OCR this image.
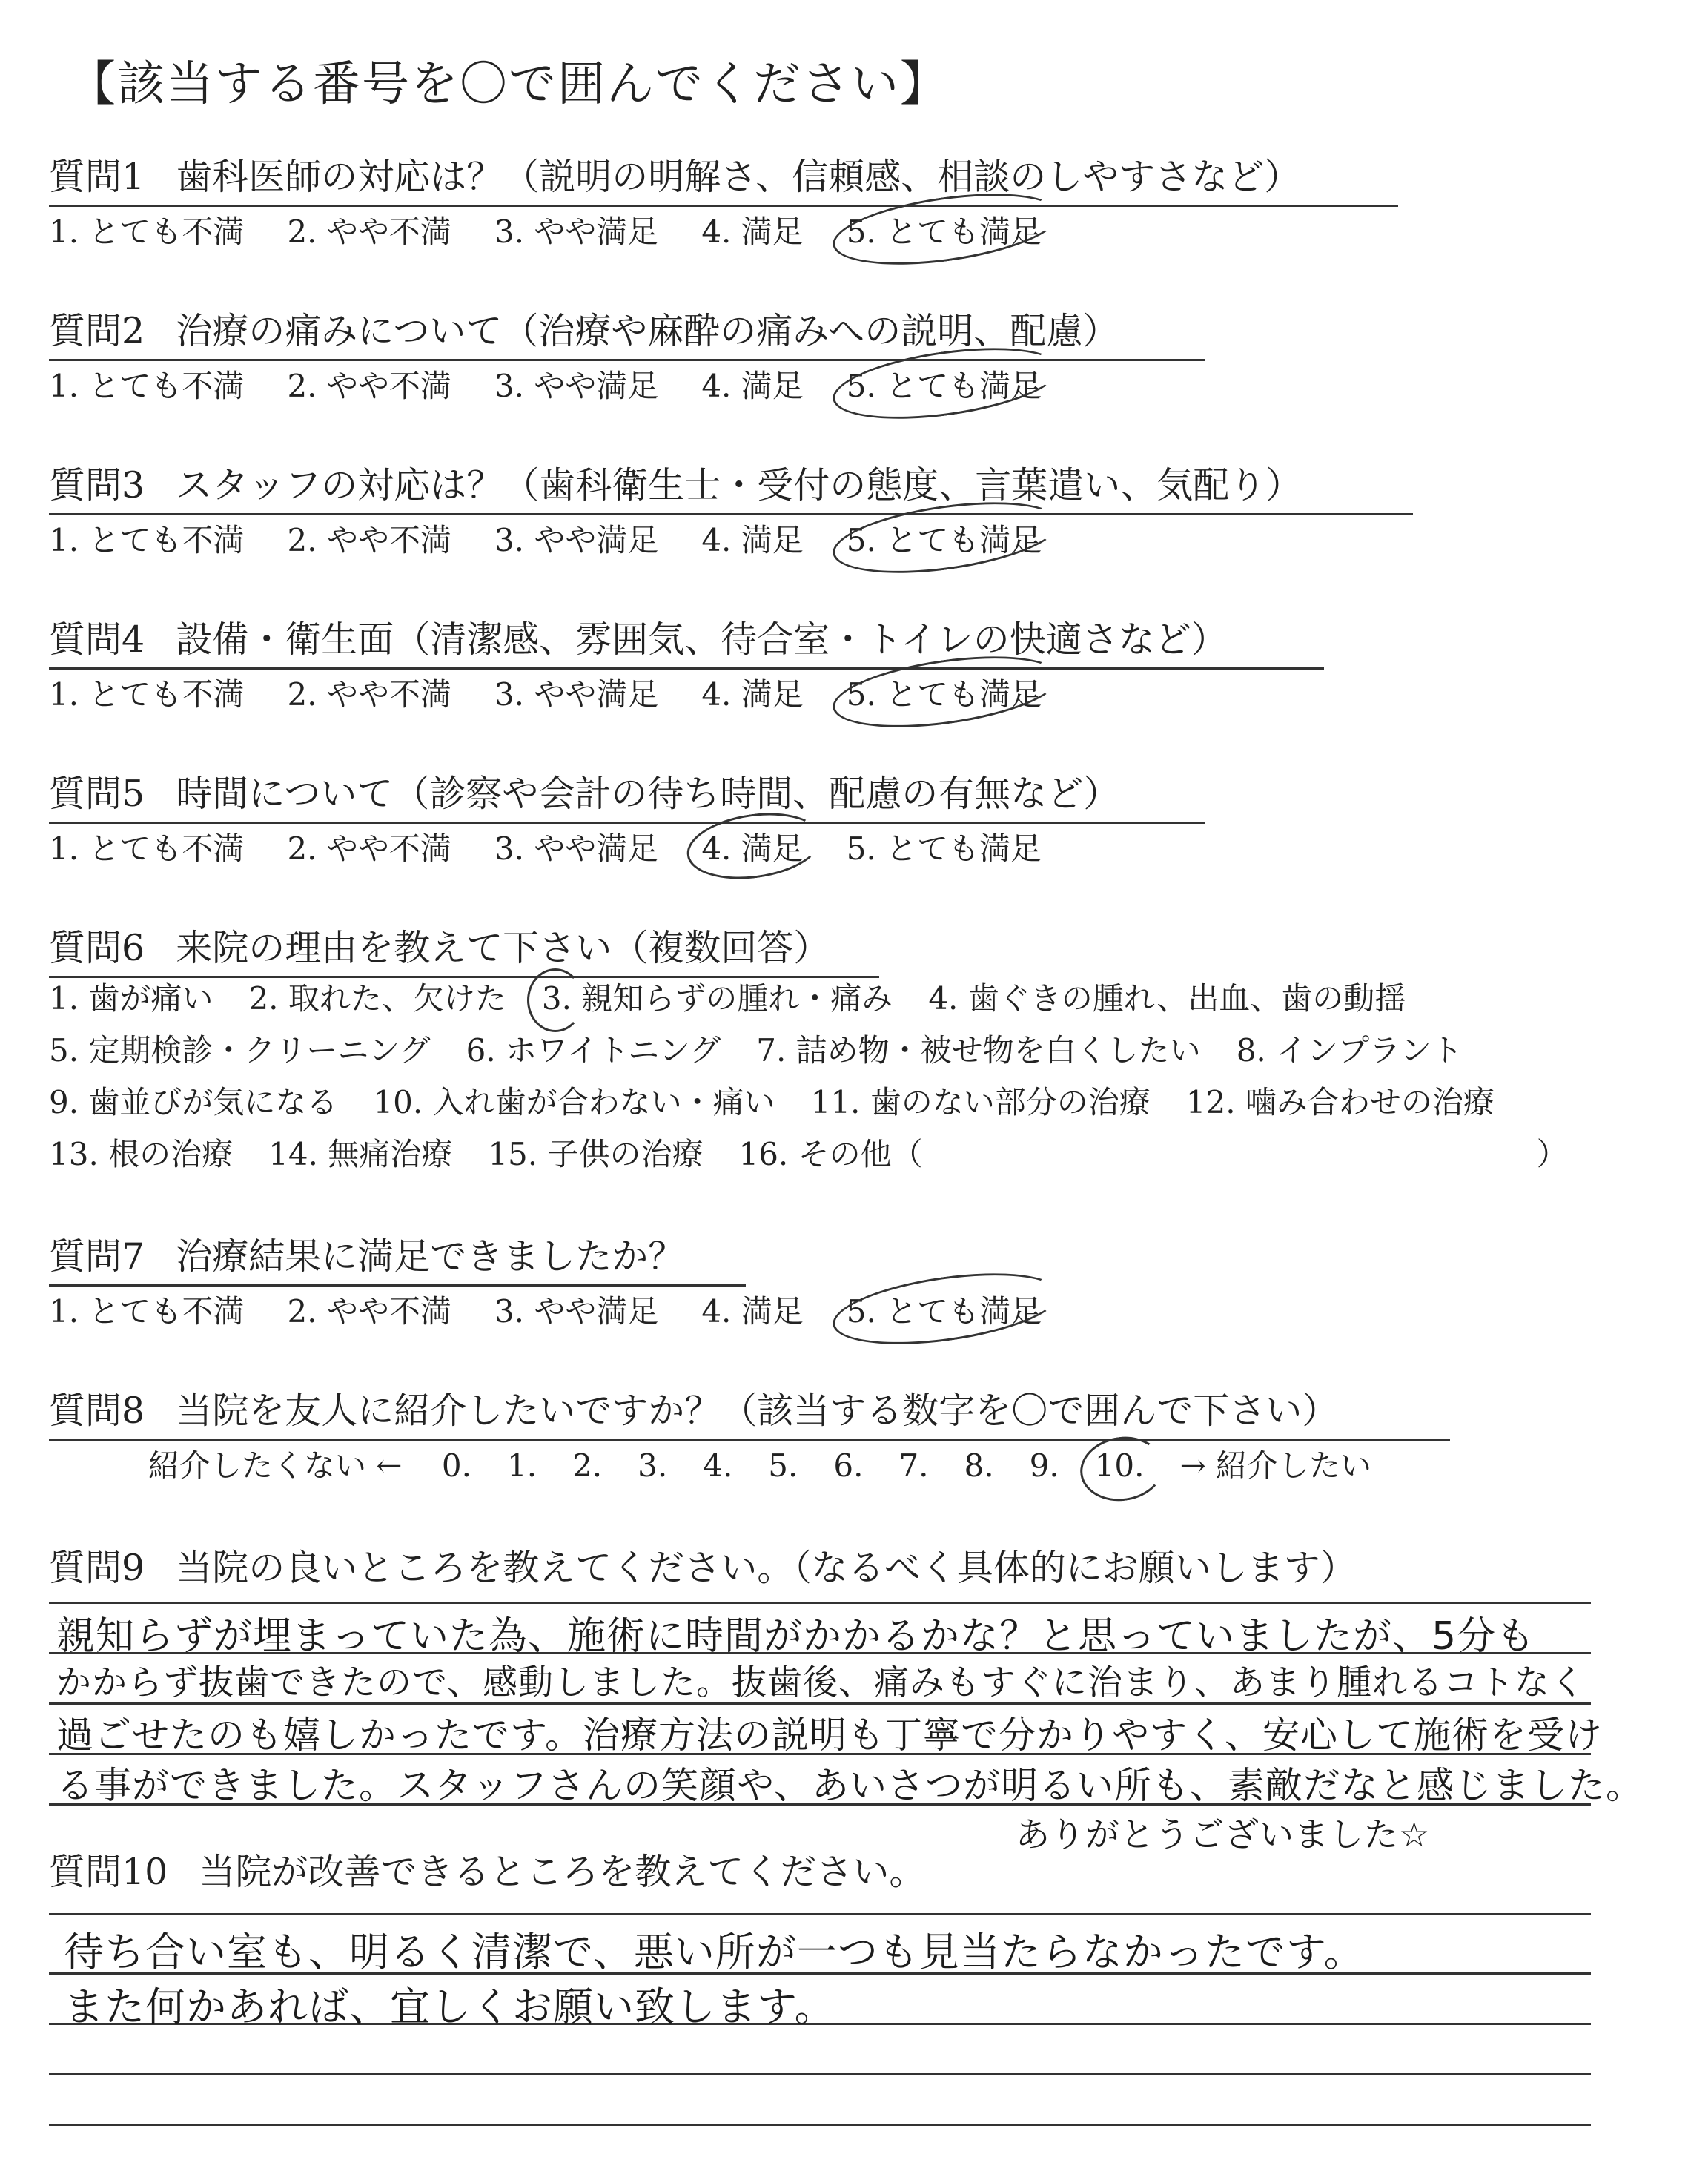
【該当する番号を〇で囲んでください】
質問1 歯科医師の対応は？（説明の明解さ、信頼感、相談のしやすさなど）
1. とても不満 2. やや不満 3. やや満足 4. 満足 5. とても満足
質問2 治療の痛みについて（治療や麻酔の痛みへの説明、配慮）
1. とても不満 2. やや不満 3. やや満足 4. 満足 5. とても満足
質問3 スタッフの対応は？（歯科衛生士・受付の態度、言葉遣い、気配り）
1. とても不満 2. やや不満 3. やや満足 4. 満足 5. とても満足
質問4 設備・衛生面（清潔感、雰囲気、待合室・トイレの快適さなど）
1. とても不満 2. やや不満 3. やや満足 4. 満足 5. とても満足
質問5 時間について（診察や会計の待ち時間、配慮の有無など）
1. とても不満 2. やや不満 3. やや満足 4. 満足 5. とても満足
質問6 来院の理由を教えて下さい（複数回答）
1. 歯が痛い 2. 取れた、欠けた 3. 親知らずの腫れ・痛み 4. 歯ぐきの腫れ、出血、歯の動揺
5. 定期検診・クリーニング 6. ホワイトニング 7. 詰め物・被せ物を白くしたい 8. インプラント
9. 歯並びが気になる 10. 入れ歯が合わない・痛い 11. 歯のない部分の治療 12. 噛み合わせの治療
13. 根の治療 14. 無痛治療 15. 子供の治療 16. その他（	）
質問7 治療結果に満足できましたか？
1. とても不満 2. やや不満 3. やや満足 4. 満足 5. とても満足
質問8 当院を友人に紹介したいですか？（該当する数字を〇で囲んで下さい）
紹介したくない ← 0. 1. 2. 3. 4. 5. 6. 7. 8. 9. 10. → 紹介したい
質問9 当院の良いところを教えてください。（なるべく具体的にお願いします）
親知らずが埋まっていた為、施術に時間がかかるかな？と思っていましたが、5分も
かからず抜歯できたので、感動しました。抜歯後、痛みもすぐに治まり、あまり腫れるコトなく
過ごせたのも嬉しかったです。治療方法の説明も丁寧で分かりやすく、安心して施術を受け
る事ができました。スタッフさんの笑顔や、あいさつが明るい所も、素敵だなと感じました。
ありがとうございました☆
質問10 当院が改善できるところを教えてください。
待ち合い室も、明るく清潔で、悪い所が一つも見当たらなかったです。
また何かあれば、宜しくお願い致します。
